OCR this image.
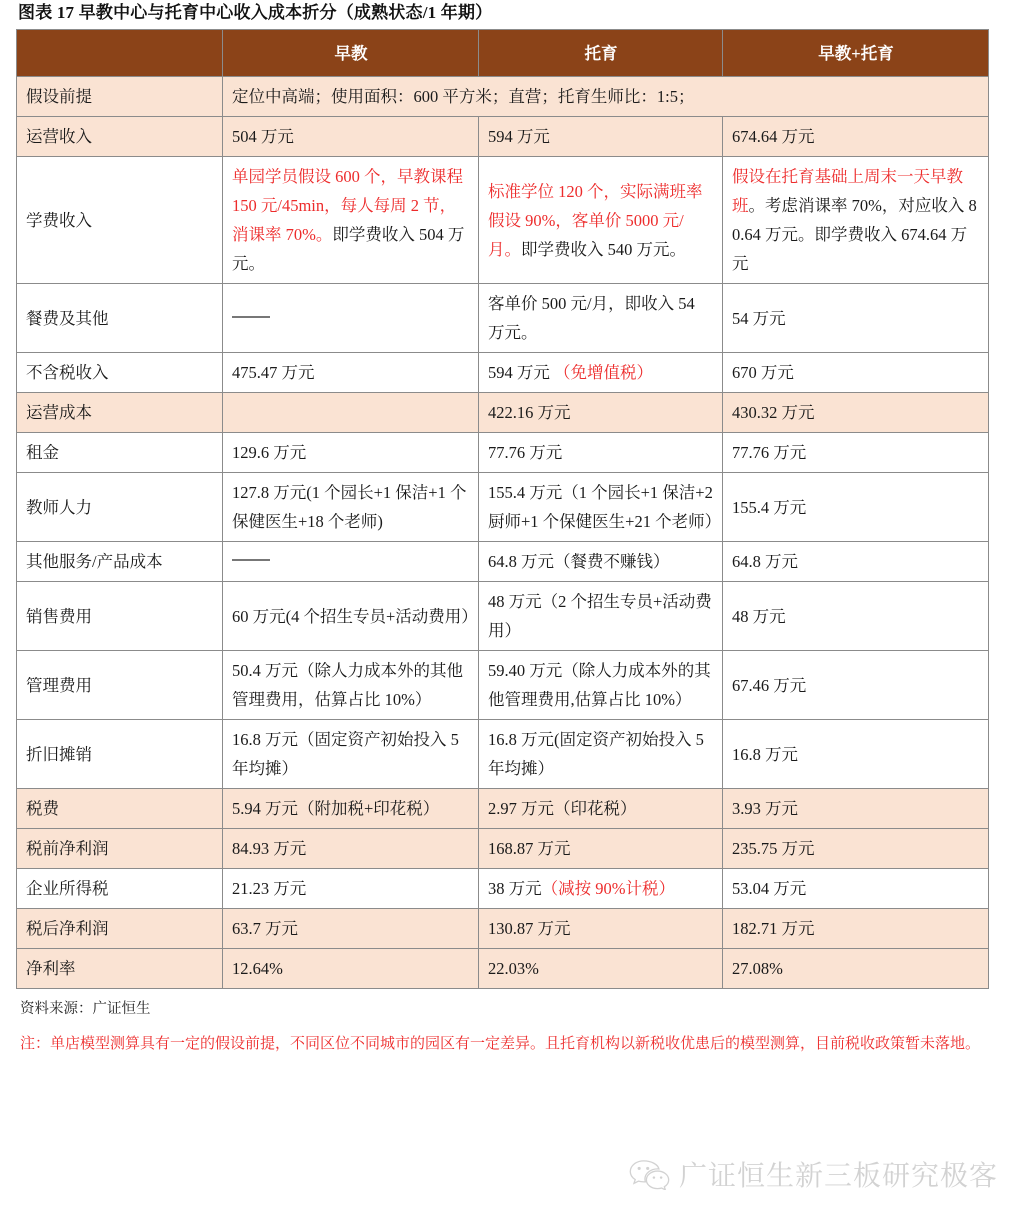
图表 17 早教中心与托育中心收入成本折分（成熟状态/1 年期）
	早教	托育	早教+托育
假设前提	定位中高端；使用面积：600 平方米；直营；托育生师比：1:5；		
运营收入	504 万元	594 万元	674.64 万元
学费收入	单园学员假设 600 个，早教课程 150 元/45min，每人每周 2 节，消课率 70%。即学费收入 504 万元。	标准学位 120 个，实际满班率假设 90%，客单价 5000 元/月。即学费收入 540 万元。	假设在托育基础上周末一天早教班。考虑消课率 70%，对应收入 80.64 万元。即学费收入 674.64 万元
餐费及其他		客单价 500 元/月，即收入 54 万元。	54 万元
不含税收入	475.47 万元	594 万元 （免增值税）	670 万元
运营成本		422.16 万元	430.32 万元
租金	129.6 万元	77.76 万元	77.76 万元
教师人力	127.8 万元(1 个园长+1 保洁+1 个保健医生+18 个老师)	155.4 万元（1 个园长+1 保洁+2 厨师+1 个保健医生+21 个老师）	155.4 万元
其他服务/产品成本		64.8 万元（餐费不赚钱）	64.8 万元
销售费用	60 万元(4 个招生专员+活动费用）	48 万元（2 个招生专员+活动费用）	48 万元
管理费用	50.4 万元（除人力成本外的其他管理费用，估算占比 10%）	59.40 万元（除人力成本外的其他管理费用,估算占比 10%）	67.46 万元
折旧摊销	16.8 万元（固定资产初始投入 5 年均摊）	16.8 万元(固定资产初始投入 5 年均摊）	16.8 万元
税费	5.94 万元（附加税+印花税）	2.97 万元（印花税）	3.93 万元
税前净利润	84.93 万元	168.87 万元	235.75 万元
企业所得税	21.23 万元	38 万元（减按 90%计税）	53.04 万元
税后净利润	63.7 万元	130.87 万元	182.71 万元
净利率	12.64%	22.03%	27.08%
资料来源：广证恒生
注：单店模型测算具有一定的假设前提，不同区位不同城市的园区有一定差异。且托育机构以新税收优患后的模型测算，目前税收政策暂未落地。
广证恒生新三板研究极客
